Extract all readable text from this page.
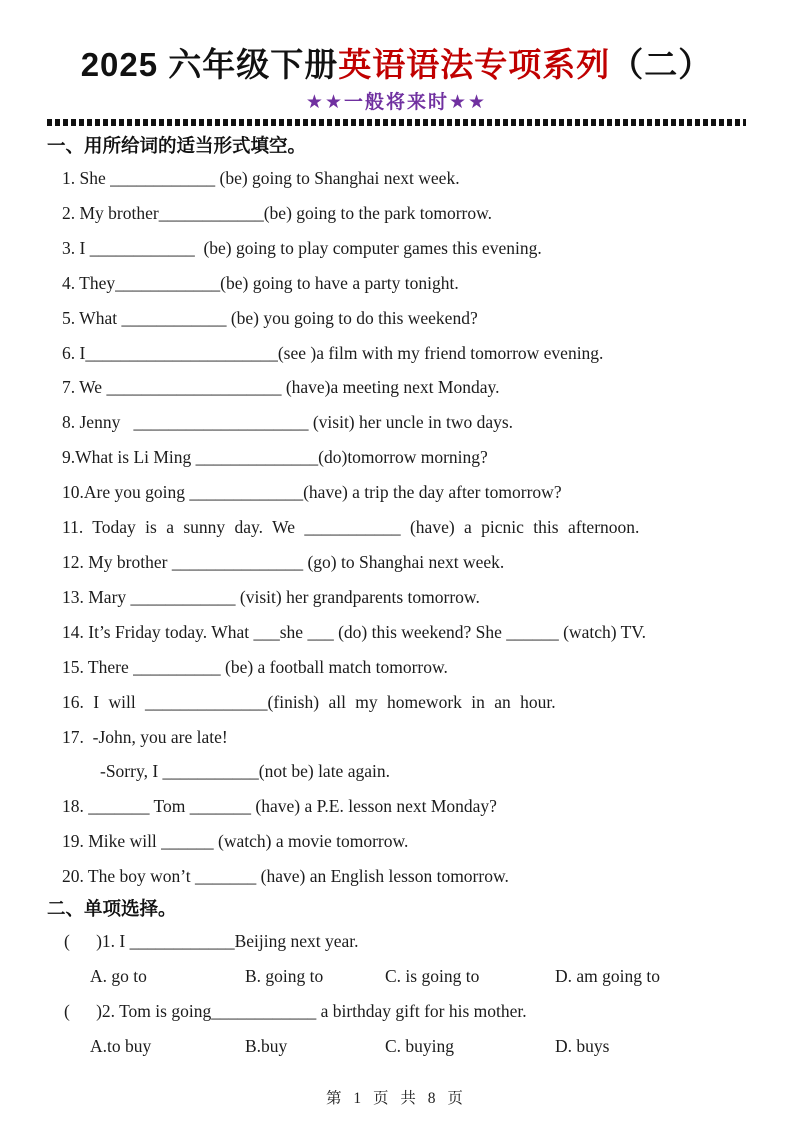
2025 六年级下册英语语法专项系列（二）
★★一般将来时★★
一、用所给词的适当形式填空。
1. She ____________ (be) going to Shanghai next week.
2. My brother____________(be) going to the park tomorrow.
3. I ____________  (be) going to play computer games this evening.
4. They____________(be) going to have a party tonight.
5. What ____________ (be) you going to do this weekend?
6. I______________________(see )a film with my friend tomorrow evening.
7. We ____________________ (have)a meeting next Monday.
8. Jenny   ____________________ (visit) her uncle in two days.
9.What is Li Ming ______________(do)tomorrow morning?
10.Are you going _____________(have) a trip the day after tomorrow?
11. Today is a sunny day. We ___________ (have) a picnic this afternoon.
12. My brother _______________ (go) to Shanghai next week.
13. Mary ____________ (visit) her grandparents tomorrow.
14. It’s Friday today. What ___she ___ (do) this weekend? She ______ (watch) TV.
15. There __________ (be) a football match tomorrow.
16. I will ______________(finish) all my homework in an hour.
17.  -John, you are late!
-Sorry, I ___________(not be) late again.
18. _______ Tom _______ (have) a P.E. lesson next Monday?
19. Mike will ______ (watch) a movie tomorrow.
20. The boy won’t _______ (have) an English lesson tomorrow.
二、单项选择。
(      )1. I ____________Beijing next year.
A. go to	B. going to	C. is going to	D. am going to
(      )2. Tom is going____________ a birthday gift for his mother.
A.to buy	B.buy	C. buying	D. buys
第 1 页 共 8 页
